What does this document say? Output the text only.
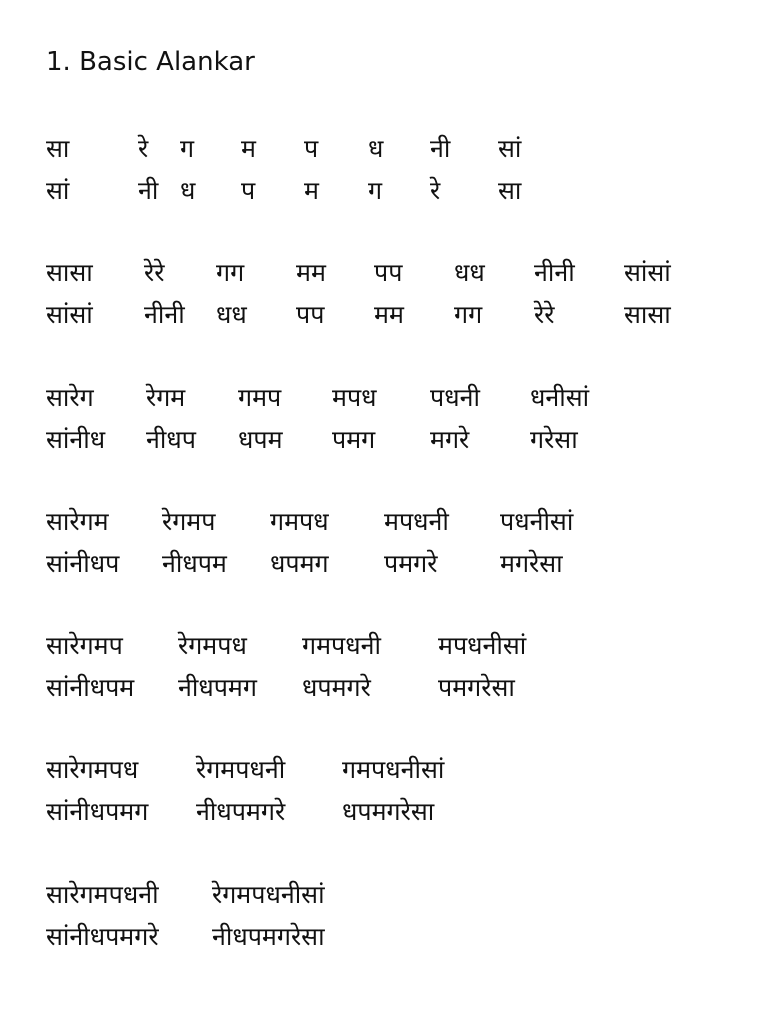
1. Basic Alankar
सा	रे ग म प ध नी सां
सां	नी ध प म ग रे सा
सासा रेरे गग मम पप धध नीनी सांसां
सांसां नीनी धध पप मम गग रेरे	सासा
सारेग रेगम गमप मपध पधनी धनीसां
सांनीध नीधप धपम पमग मगरे गरेसा
सारेगम रेगमप गमपध मपधनी पधनीसां
सांनीधप नीधपम धपमग पमगरे	मगरेसा
सारेगमप रेगमपध गमपधनी मपधनीसां
सांनीधपम नीधपमग धपमगरे	पमगरेसा
सारेगमपध रेगमपधनी गमपधनीसां
सांनीधपमग नीधपमगरे धपमगरेसा
सारेगमपधनी रेगमपधनीसां
सांनीधपमगरे नीधपमगरेसा
